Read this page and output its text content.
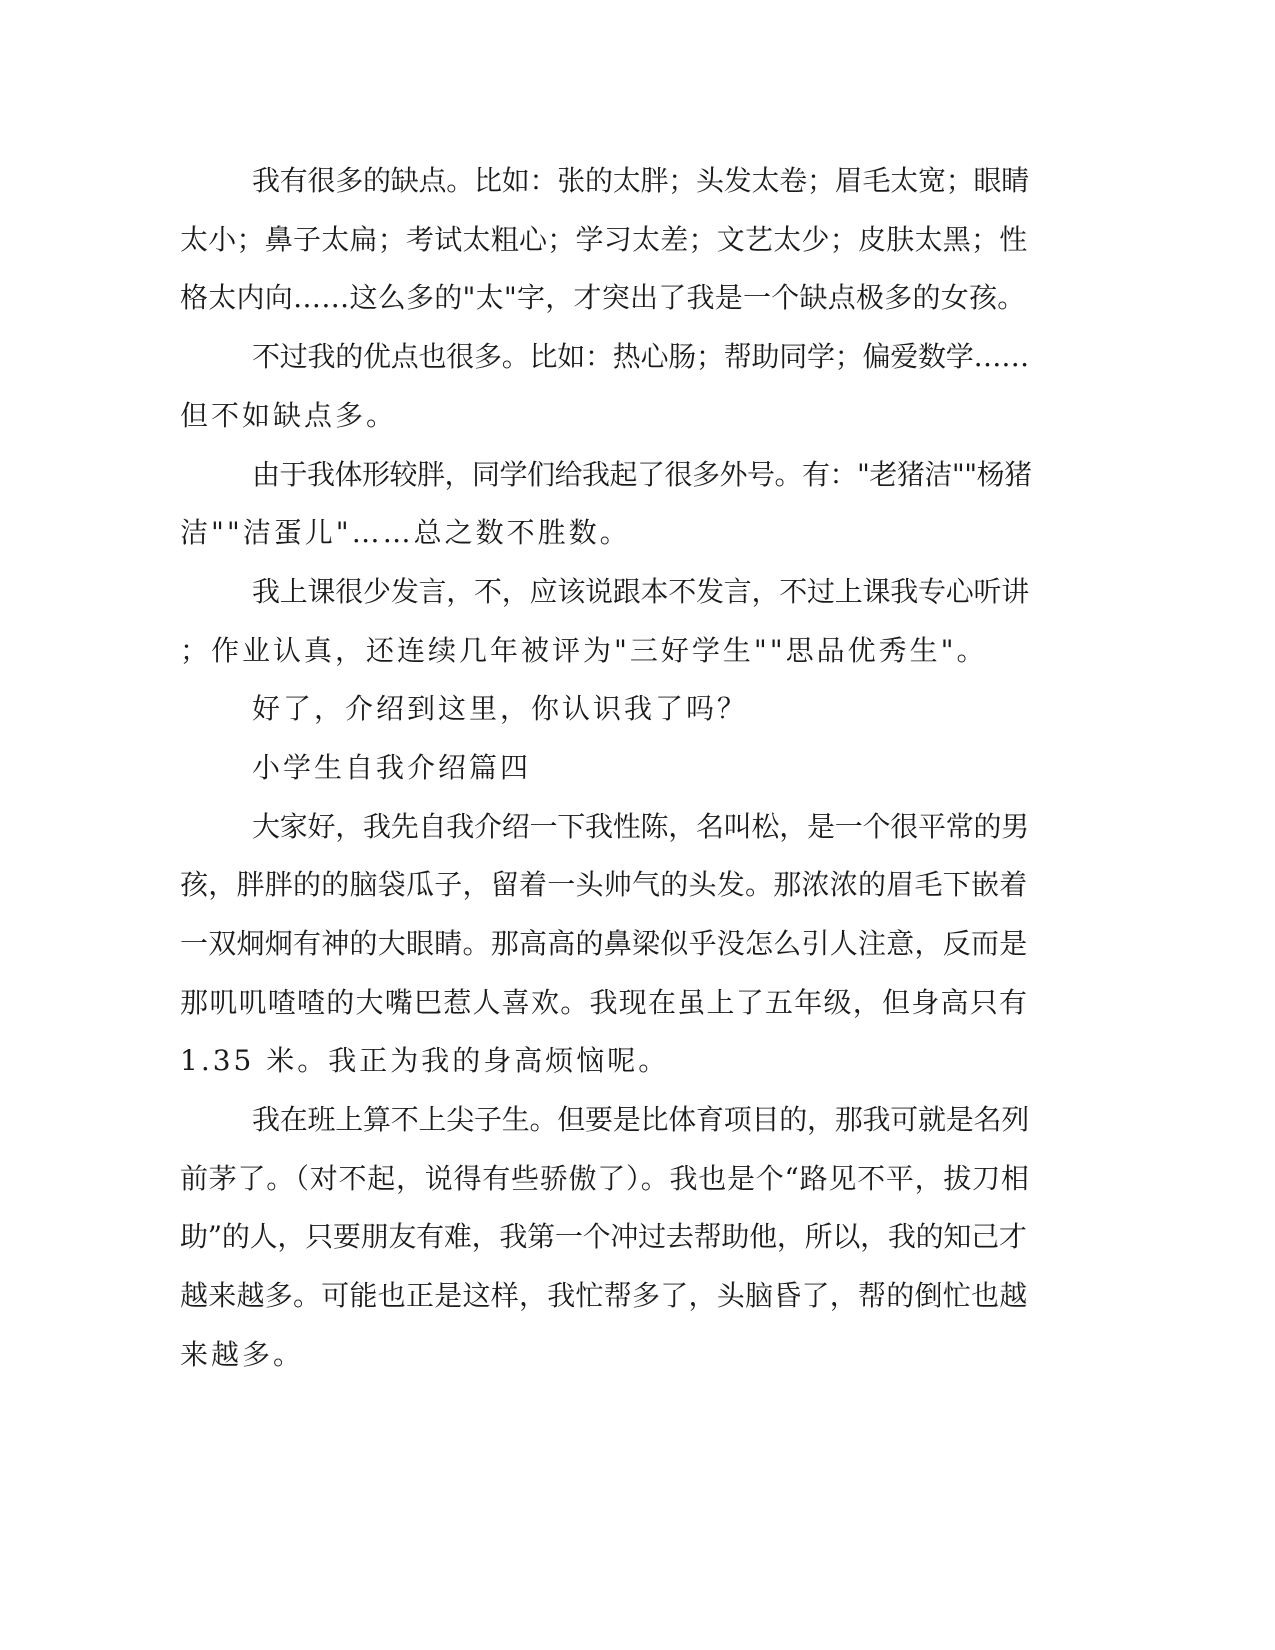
我有很多的缺点。比如：张的太胖；头发太卷；眉毛太宽；眼睛

太小；鼻子太扁；考试太粗心；学习太差；文艺太少；皮肤太黑；性

格太内向……这么多的"太"字，才突出了我是一个缺点极多的女孩。

不过我的优点也很多。比如：热心肠；帮助同学；偏爱数学……

但不如缺点多。

由于我体形较胖，同学们给我起了很多外号。有："老猪洁""杨猪

洁""洁蛋儿"……总之数不胜数。

我上课很少发言，不，应该说跟本不发言，不过上课我专心听讲

；作业认真，还连续几年被评为"三好学生""思品优秀生"。

好了，介绍到这里，你认识我了吗？

小学生自我介绍篇四

大家好，我先自我介绍一下我性陈，名叫松，是一个很平常的男

孩，胖胖的的脑袋瓜子，留着一头帅气的头发。那浓浓的眉毛下嵌着

一双炯炯有神的大眼睛。那高高的鼻梁似乎没怎么引人注意，反而是

那叽叽喳喳的大嘴巴惹人喜欢。我现在虽上了五年级，但身高只有

1.35 米。我正为我的身高烦恼呢。

我在班上算不上尖子生。但要是比体育项目的，那我可就是名列

前茅了。（对不起，说得有些骄傲了）。我也是个“路见不平，拔刀相

助”的人，只要朋友有难，我第一个冲过去帮助他，所以，我的知己才

越来越多。可能也正是这样，我忙帮多了，头脑昏了，帮的倒忙也越

来越多。
